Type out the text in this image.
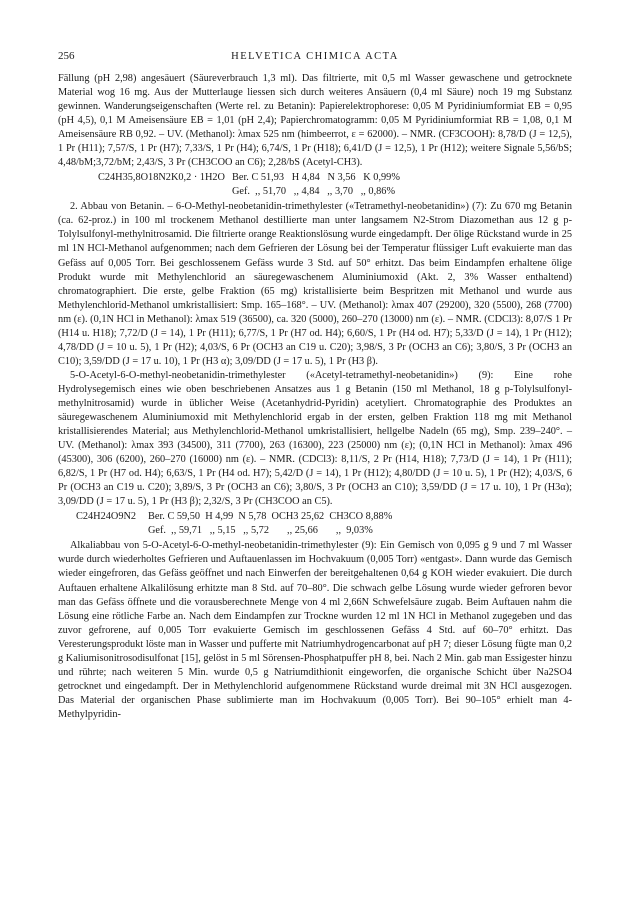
256	HELVETICA CHIMICA ACTA

Fällung (pH 2,98) angesäuert (Säureverbrauch 1,3 ml). Das filtrierte, mit 0,5 ml Wasser gewaschene und getrocknete Material wog 16 mg. Aus der Mutterlauge liessen sich durch weiteres Ansäuern (0,4 ml Säure) noch 19 mg Substanz gewinnen. Wanderungseigenschaften (Werte rel. zu Betanin): Papierelektrophorese: 0,05 M Pyridiniumformiat EB = 0,95 (pH 4,5), 0,1 M Ameisensäure EB = 1,01 (pH 2,4); Papierchromatogramm: 0,05 M Pyridiniumformiat RB = 1,08, 0,1 M Ameisensäure RB 0,92. – UV. (Methanol): λmax 525 nm (himbeerrot, ε = 62000). – NMR. (CF3COOH): 8,78/D (J = 12,5), 1 Pr (H11); 7,57/S, 1 Pr (H7); 7,33/S, 1 Pr (H4); 6,74/S, 1 Pr (H18); 6,41/D (J = 12,5), 1 Pr (H12); weitere Signale 5,56/bS; 4,48/bM;3,72/bM; 2,43/S, 3 Pr (CH3COO an C6); 2,28/bS (Acetyl-CH3).

C24H35,8O18N2K0,2 · 1H2O Ber. C 51,93   H 4,84   N 3,56   K 0,99%
Gef.  ,, 51,70   ,, 4,84   ,, 3,70   ,, 0,86%

2. Abbau von Betanin. – 6-O-Methyl-neobetanidin-trimethylester («Tetramethyl-neobetanidin») (7): Zu 670 mg Betanin (ca. 62-proz.) in 100 ml trockenem Methanol destillierte man unter langsamem N2-Strom Diazomethan aus 12 g p-Tolylsulfonyl-methylnitrosamid. Die filtrierte orange Reaktionslösung wurde eingedampft. Der ölige Rückstand wurde in 25 ml 1N HCl-Methanol aufgenommen; nach dem Gefrieren der Lösung bei der Temperatur flüssiger Luft evakuierte man das Gefäss auf 0,005 Torr. Bei geschlossenem Gefäss wurde 3 Std. auf 50° erhitzt. Das beim Eindampfen erhaltene ölige Produkt wurde mit Methylenchlorid an säuregewaschenem Aluminiumoxid (Akt. 2, 3% Wasser enthaltend) chromatographiert. Die erste, gelbe Fraktion (65 mg) kristallisierte beim Bespritzen mit Methanol und wurde aus Methylenchlorid-Methanol umkristallisiert: Smp. 165–168°. – UV. (Methanol): λmax 407 (29200), 320 (5500), 268 (7700) nm (ε). (0,1N HCl in Methanol): λmax 519 (36500), ca. 320 (5000), 260–270 (13000) nm (ε). – NMR. (CDCl3): 8,07/S 1 Pr (H14 u. H18); 7,72/D (J = 14), 1 Pr (H11); 6,77/S, 1 Pr (H7 od. H4); 6,60/S, 1 Pr (H4 od. H7); 5,33/D (J = 14), 1 Pr (H12); 4,78/DD (J = 10 u. 5), 1 Pr (H2); 4,03/S, 6 Pr (OCH3 an C19 u. C20); 3,98/S, 3 Pr (OCH3 an C6); 3,80/S, 3 Pr (OCH3 an C10); 3,59/DD (J = 17 u. 10), 1 Pr (H3 α); 3,09/DD (J = 17 u. 5), 1 Pr (H3 β).

5-O-Acetyl-6-O-methyl-neobetanidin-trimethylester («Acetyl-tetramethyl-neobetanidin») (9): Eine rohe Hydrolysegemisch eines wie oben beschriebenen Ansatzes aus 1 g Betanin (150 ml Methanol, 18 g p-Tolylsulfonyl-methylnitrosamid) wurde in üblicher Weise (Acetanhydrid-Pyridin) acetyliert. Chromatographie des Produktes an säuregewaschenem Aluminiumoxid mit Methylenchlorid ergab in der ersten, gelben Fraktion 118 mg mit Methanol kristallisierendes Material; aus Methylenchlorid-Methanol umkristallisiert, hellgelbe Nadeln (65 mg), Smp. 239–240°. – UV. (Methanol): λmax 393 (34500), 311 (7700), 263 (16300), 223 (25000) nm (ε); (0,1N HCl in Methanol): λmax 496 (45300), 306 (6200), 260–270 (16000) nm (ε). – NMR. (CDCl3): 8,11/S, 2 Pr (H14, H18); 7,73/D (J = 14), 1 Pr (H11); 6,82/S, 1 Pr (H7 od. H4); 6,63/S, 1 Pr (H4 od. H7); 5,42/D (J = 14), 1 Pr (H12); 4,80/DD (J = 10 u. 5), 1 Pr (H2); 4,03/S, 6 Pr (OCH3 an C19 u. C20); 3,89/S, 3 Pr (OCH3 an C6); 3,80/S, 3 Pr (OCH3 an C10); 3,59/DD (J = 17 u. 10), 1 Pr (H3α); 3,09/DD (J = 17 u. 5), 1 Pr (H3 β); 2,32/S, 3 Pr (CH3COO an C5).

C24H24O9N2	Ber. C 59,50  H 4,99  N 5,78  OCH3 25,62  CH3CO 8,88%
Gef.  ,, 59,71   ,, 5,15   ,, 5,72       ,, 25,66       ,,  9,03%

Alkaliabbau von 5-O-Acetyl-6-O-methyl-neobetanidin-trimethylester (9): Ein Gemisch von 0,095 g 9 und 7 ml Wasser wurde durch wiederholtes Gefrieren und Auftauenlassen im Hochvakuum (0,005 Torr) «entgast». Dann wurde das Gemisch wieder eingefroren, das Gefäss geöffnet und nach Einwerfen der bereitgehaltenen 0,64 g KOH wieder evakuiert. Die durch Auftauen erhaltene Alkalilösung erhitzte man 8 Std. auf 70–80°. Die schwach gelbe Lösung wurde wieder gefroren bevor man das Gefäss öffnete und die vorausberechnete Menge von 4 ml 2,66N Schwefelsäure zugab. Beim Auftauen nahm die Lösung eine rötliche Farbe an. Nach dem Eindampfen zur Trockne wurden 12 ml 1N HCl in Methanol zugegeben und das zuvor gefrorene, auf 0,005 Torr evakuierte Gemisch im geschlossenen Gefäss 4 Std. auf 60–70° erhitzt. Das Veresterungsprodukt löste man in Wasser und pufferte mit Natriumhydrogencarbonat auf pH 7; dieser Lösung fügte man 0,2 g Kaliumisonitrosodisulfonat [15], gelöst in 5 ml Sörensen-Phosphatpuffer pH 8, bei. Nach 2 Min. gab man Essigester hinzu und rührte; nach weiteren 5 Min. wurde 0,5 g Natriumdithionit eingeworfen, die organische Schicht über Na2SO4 getrocknet und eingedampft. Der in Methylenchlorid aufgenommene Rückstand wurde dreimal mit 3N HCl ausgezogen. Das Material der organischen Phase sublimierte man im Hochvakuum (0,005 Torr). Bei 90–105° erhielt man 4-Methylpyridin-
